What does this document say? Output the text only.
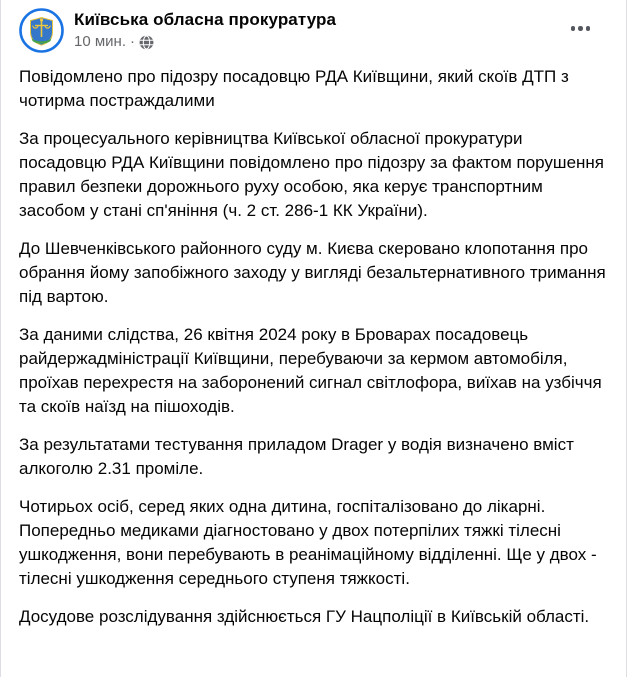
Київська обласна прокуратура
10 мин. ·

Повідомлено про підозру посадовцю РДА Київщини, який скоїв ДТП з чотирма постраждалими

За процесуального керівництва Київської обласної прокуратури посадовцю РДА Київщини повідомлено про підозру за фактом порушення правил безпеки дорожнього руху особою, яка керує транспортним засобом у стані сп'яніння (ч. 2 ст. 286-1 КК України).

До Шевченківського районного суду м. Києва скеровано клопотання про обрання йому запобіжного заходу у вигляді безальтернативного тримання під вартою.

За даними слідства, 26 квітня 2024 року в Броварах посадовець райдержадміністрації Київщини, перебуваючи за кермом автомобіля, проїхав перехрестя на заборонений сигнал світлофора, виїхав на узбіччя та скоїв наїзд на пішоходів.

За результатами тестування приладом Drager у водія визначено вміст алкоголю 2.31 проміле.

Чотирьох осіб, серед яких одна дитина, госпіталізовано до лікарні. Попередньо медиками діагностовано у двох потерпілих тяжкі тілесні ушкодження, вони перебувають в реанімаційному відділенні. Ще у двох - тілесні ушкодження середнього ступеня тяжкості.

Досудове розслідування здійснюється ГУ Нацполіції в Київській області.
